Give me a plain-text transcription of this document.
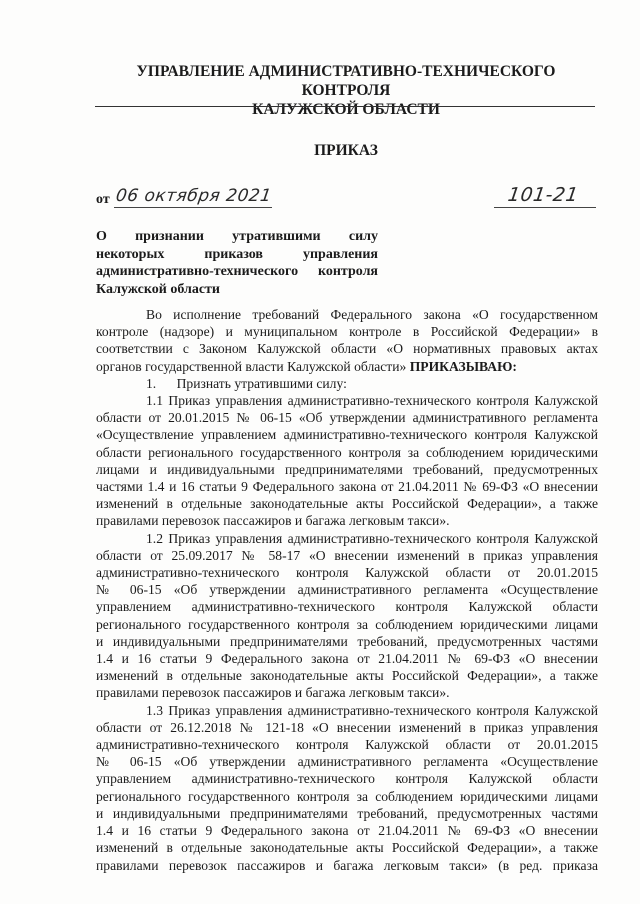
УПРАВЛЕНИЕ АДМИНИСТРАТИВНО-ТЕХНИЧЕСКОГО КОНТРОЛЯ
КАЛУЖСКОЙ ОБЛАСТИ
ПРИКАЗ
от 06 октября 2021	101-21
О признании утратившими силу
некоторых приказов управления
административно-технического контроля
Калужской области
Во исполнение требований Федерального закона «О государственном
контроле (надзоре) и муниципальном контроле в Российской Федерации» в
соответствии с Законом Калужской области «О нормативных правовых актах
органов государственной власти Калужской области» ПРИКАЗЫВАЮ:
1.      Признать утратившими силу:
1.1 Приказ управления административно-технического контроля Калужской
области от 20.01.2015 № 06-15 «Об утверждении административного регламента
«Осуществление управлением административно-технического контроля Калужской
области регионального государственного контроля за соблюдением юридическими
лицами и индивидуальными предпринимателями требований, предусмотренных
частями 1.4 и 16 статьи 9 Федерального закона от 21.04.2011 № 69-ФЗ «О внесении
изменений в отдельные законодательные акты Российской Федерации», а также
правилами перевозок пассажиров и багажа легковым такси».
1.2 Приказ управления административно-технического контроля Калужской
области от 25.09.2017 № 58-17 «О внесении изменений в приказ управления
административно-технического контроля Калужской области от 20.01.2015
№ 06-15 «Об утверждении административного регламента «Осуществление
управлением административно-технического контроля Калужской области
регионального государственного контроля за соблюдением юридическими лицами
и индивидуальными предпринимателями требований, предусмотренных частями
1.4 и 16 статьи 9 Федерального закона от 21.04.2011 № 69-ФЗ «О внесении
изменений в отдельные законодательные акты Российской Федерации», а также
правилами перевозок пассажиров и багажа легковым такси».
1.3 Приказ управления административно-технического контроля Калужской
области от 26.12.2018 № 121-18 «О внесении изменений в приказ управления
административно-технического контроля Калужской области от 20.01.2015
№ 06-15 «Об утверждении административного регламента «Осуществление
управлением административно-технического контроля Калужской области
регионального государственного контроля за соблюдением юридическими лицами
и индивидуальными предпринимателями требований, предусмотренных частями
1.4 и 16 статьи 9 Федерального закона от 21.04.2011 № 69-ФЗ «О внесении
изменений в отдельные законодательные акты Российской Федерации», а также
правилами перевозок пассажиров и багажа легковым такси» (в ред. приказа
